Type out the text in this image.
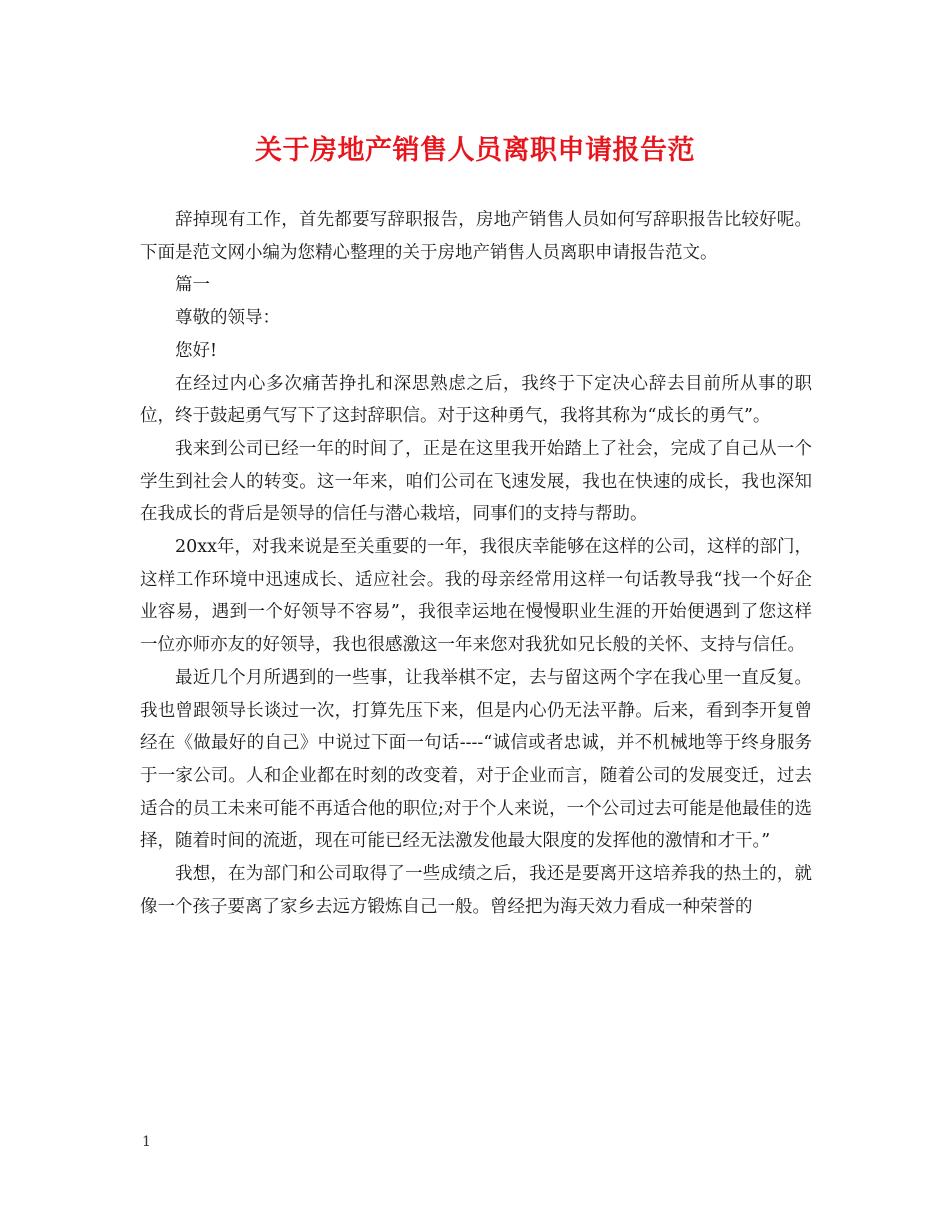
关于房地产销售人员离职申请报告范

辞掉现有工作，首先都要写辞职报告，房地产销售人员如何写辞职报告比较好呢。下面是范文网小编为您精心整理的关于房地产销售人员离职申请报告范文。

篇一

尊敬的领导：

您好!

在经过内心多次痛苦挣扎和深思熟虑之后，我终于下定决心辞去目前所从事的职位，终于鼓起勇气写下了这封辞职信。对于这种勇气，我将其称为“成长的勇气”。

我来到公司已经一年的时间了，正是在这里我开始踏上了社会，完成了自己从一个学生到社会人的转变。这一年来，咱们公司在飞速发展，我也在快速的成长，我也深知在我成长的背后是领导的信任与潜心栽培，同事们的支持与帮助。

20xx年，对我来说是至关重要的一年，我很庆幸能够在这样的公司，这样的部门，这样工作环境中迅速成长、适应社会。我的母亲经常用这样一句话教导我“找一个好企业容易，遇到一个好领导不容易”，我很幸运地在慢慢职业生涯的开始便遇到了您这样一位亦师亦友的好领导，我也很感激这一年来您对我犹如兄长般的关怀、支持与信任。

最近几个月所遇到的一些事，让我举棋不定，去与留这两个字在我心里一直反复。我也曾跟领导长谈过一次，打算先压下来，但是内心仍无法平静。后来，看到李开复曾经在《做最好的自己》中说过下面一句话----“诚信或者忠诚，并不机械地等于终身服务于一家公司。人和企业都在时刻的改变着，对于企业而言，随着公司的发展变迁，过去适合的员工未来可能不再适合他的职位;对于个人来说，一个公司过去可能是他最佳的选择，随着时间的流逝，现在可能已经无法激发他最大限度的发挥他的激情和才干。”

我想，在为部门和公司取得了一些成绩之后，我还是要离开这培养我的热土的，就像一个孩子要离了家乡去远方锻炼自己一般。曾经把为海天效力看成一种荣誉的

1
